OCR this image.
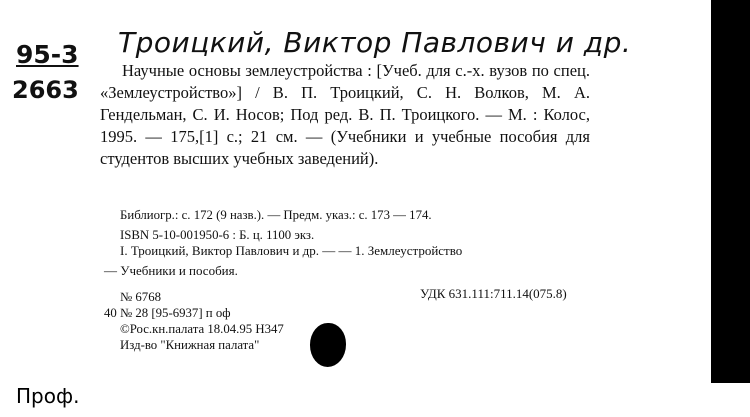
Троицкий, Виктор Павлович и др.
95-3
2663

Научные основы землеустройства : [Учеб. для с.-х. вузов по спец. «Землеустройство»] / В. П. Троицкий, С. Н. Волков, М. А. Гендельман, С. И. Носов; Под ред. В. П. Троицкого. — М. : Колос, 1995. — 175,[1] с.; 21 см. — (Учебники и учебные пособия для студентов высших учебных заведений).

Библиогр.: с. 172 (9 назв.). — Предм. указ.: с. 173 — 174.
I. Троицкий, Виктор Павлович и др. — — 1. Землеустройство
— Учебники и пособия.
№ 6768	УДК 631.111:711.14(075.8)
40 № 28 [95-6937] п оф
©Рос.кн.палата 18.04.95 Н347
Изд-во "Книжная палата"
ISBN 5-10-001950-6 : Б. ц. 1100 экз.
Проф.
